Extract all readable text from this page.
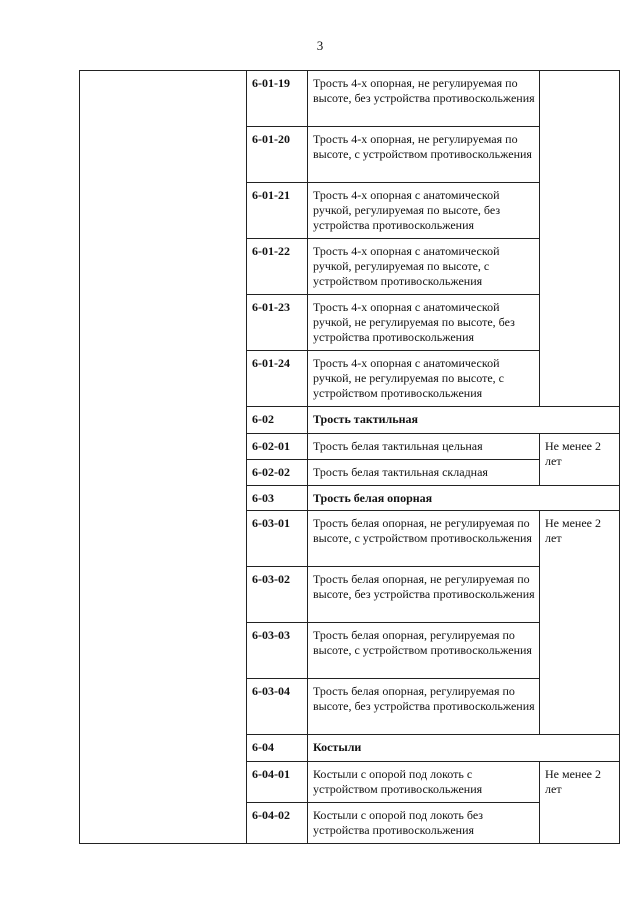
3
	6-01-19	Трость 4-х опорная, не регулируемая по высоте, без устройства противоскольжения	
	6-01-20	Трость 4-х опорная, не регулируемая по высоте, с устройством противоскольжения	
	6-01-21	Трость 4-х опорная с анатомической ручкой, регулируемая по высоте, без устройства противоскольжения	
	6-01-22	Трость 4-х опорная с анатомической ручкой, регулируемая по высоте, с устройством противоскольжения	
	6-01-23	Трость 4-х опорная с анатомической ручкой, не регулируемая по высоте, без устройства противоскольжения	
	6-01-24	Трость 4-х опорная с анатомической ручкой, не регулируемая по высоте, с устройством противоскольжения	
	6-02	Трость тактильная	
	6-02-01	Трость белая тактильная цельная	Не менее 2 лет
	6-02-02	Трость белая тактильная складная	
	6-03	Трость белая опорная	
	6-03-01	Трость белая опорная, не регулируемая по высоте, с устройством противоскольжения	Не менее 2 лет
	6-03-02	Трость белая опорная, не регулируемая по высоте, без устройства противоскольжения	
	6-03-03	Трость белая опорная, регулируемая по высоте, с устройством противоскольжения	
	6-03-04	Трость белая опорная, регулируемая по высоте, без устройства противоскольжения	
	6-04	Костыли	
	6-04-01	Костыли с опорой под локоть с устройством противоскольжения	Не менее 2 лет
	6-04-02	Костыли с опорой под локоть без устройства противоскольжения	
